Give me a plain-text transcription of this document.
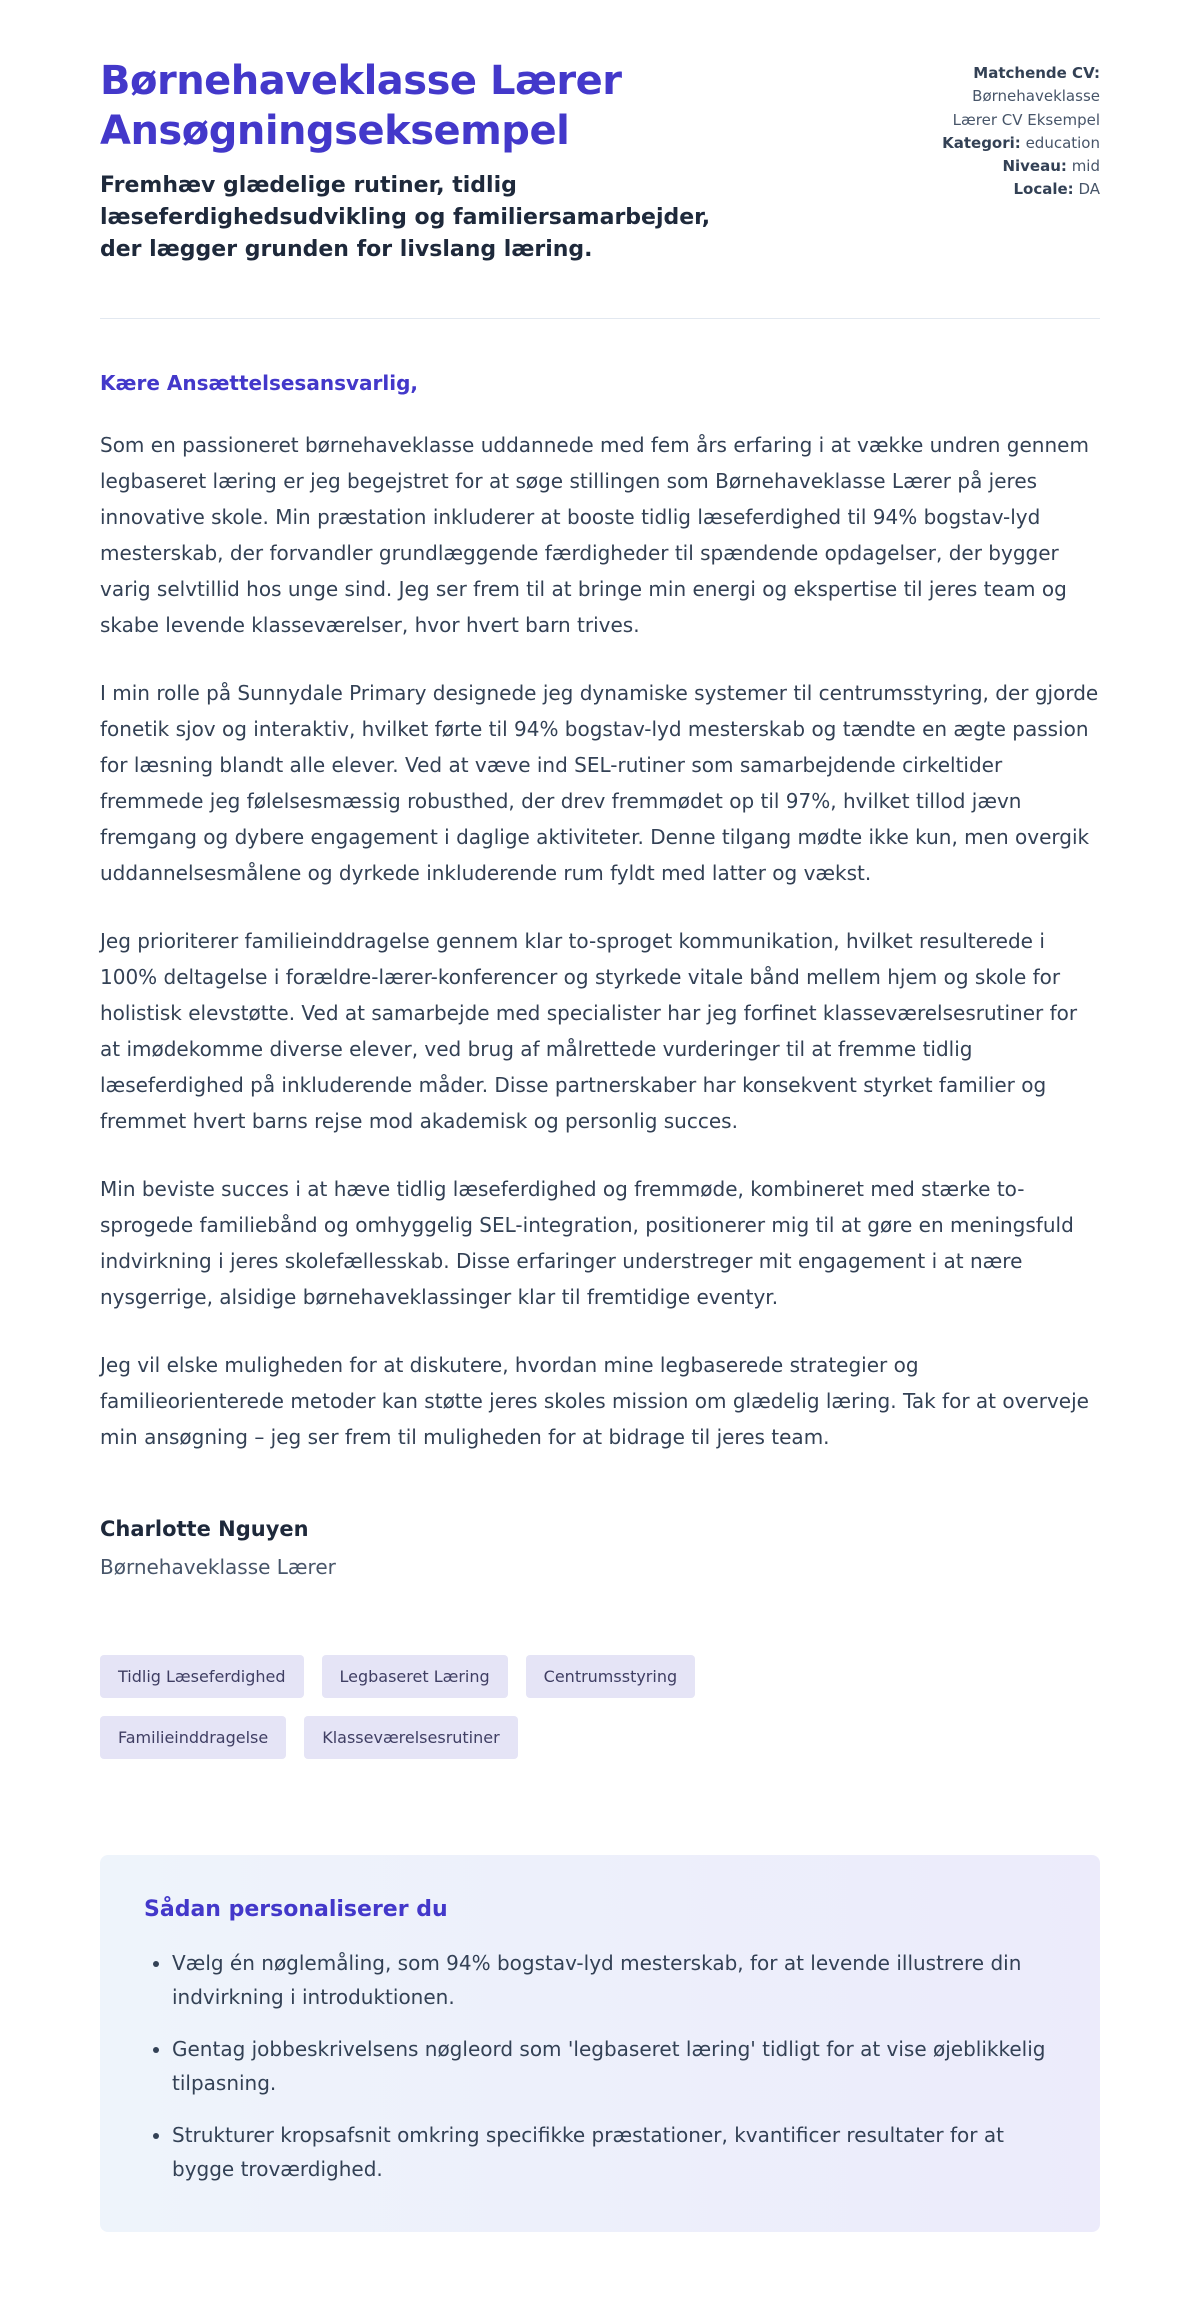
Børnehaveklasse Lærer Ansøgningseksempel

Fremhæv glædelige rutiner, tidlig læseferdighedsudvikling og familiersamarbejder, der lægger grunden for livslang læring.

Matchende CV:
Børnehaveklasse Lærer CV Eksempel
Kategori: education
Niveau: mid
Locale: DA

Kære Ansættelsesansvarlig,

Som en passioneret børnehaveklasse uddannede med fem års erfaring i at vække undren gennem legbaseret læring er jeg begejstret for at søge stillingen som Børnehaveklasse Lærer på jeres innovative skole. Min præstation inkluderer at booste tidlig læseferdighed til 94% bogstav-lyd mesterskab, der forvandler grundlæggende færdigheder til spændende opdagelser, der bygger varig selvtillid hos unge sind. Jeg ser frem til at bringe min energi og ekspertise til jeres team og skabe levende klasseværelser, hvor hvert barn trives.

I min rolle på Sunnydale Primary designede jeg dynamiske systemer til centrumsstyring, der gjorde fonetik sjov og interaktiv, hvilket førte til 94% bogstav-lyd mesterskab og tændte en ægte passion for læsning blandt alle elever. Ved at væve ind SEL-rutiner som samarbejdende cirkeltider fremmede jeg følelsesmæssig robusthed, der drev fremmødet op til 97%, hvilket tillod jævn fremgang og dybere engagement i daglige aktiviteter. Denne tilgang mødte ikke kun, men overgik uddannelsesmålene og dyrkede inkluderende rum fyldt med latter og vækst.

Jeg prioriterer familieinddragelse gennem klar to-sproget kommunikation, hvilket resulterede i 100% deltagelse i forældre-lærer-konferencer og styrkede vitale bånd mellem hjem og skole for holistisk elevstøtte. Ved at samarbejde med specialister har jeg forfinet klasseværelsesrutiner for at imødekomme diverse elever, ved brug af målrettede vurderinger til at fremme tidlig læseferdighed på inkluderende måder. Disse partnerskaber har konsekvent styrket familier og fremmet hvert barns rejse mod akademisk og personlig succes.

Min beviste succes i at hæve tidlig læseferdighed og fremmøde, kombineret med stærke to-sprogede familiebånd og omhyggelig SEL-integration, positionerer mig til at gøre en meningsfuld indvirkning i jeres skolefællesskab. Disse erfaringer understreger mit engagement i at nære nysgerrige, alsidige børnehaveklassinger klar til fremtidige eventyr.

Jeg vil elske muligheden for at diskutere, hvordan mine legbaserede strategier og familieorienterede metoder kan støtte jeres skoles mission om glædelig læring. Tak for at overveje min ansøgning – jeg ser frem til muligheden for at bidrage til jeres team.

Charlotte Nguyen

Børnehaveklasse Lærer

Tidlig Læseferdighed	Legbaseret Læring	Centrumsstyring
Familieinddragelse	Klasseværelsesrutiner
Sådan personaliserer du
• Vælg én nøglemåling, som 94% bogstav-lyd mesterskab, for at levende illustrere din indvirkning i introduktionen.
• Gentag jobbeskrivelsens nøgleord som 'legbaseret læring' tidligt for at vise øjeblikkelig tilpasning.
• Strukturer kropsafsnit omkring specifikke præstationer, kvantificer resultater for at bygge troværdighed.
